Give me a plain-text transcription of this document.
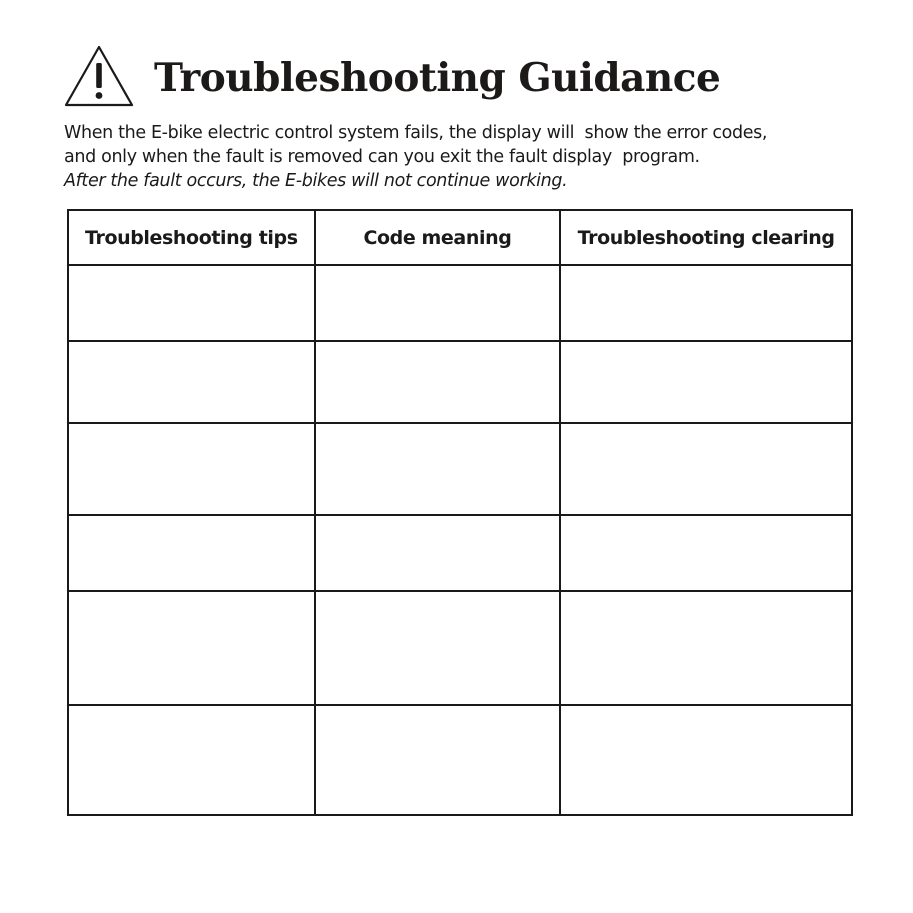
Troubleshooting Guidance
When the E-bike electric control system fails, the display will  show the error codes,
and only when the fault is removed can you exit the fault display  program.
After the fault occurs, the E-bikes will not continue working.
Troubleshooting tips	Code meaning	Troubleshooting clearing
